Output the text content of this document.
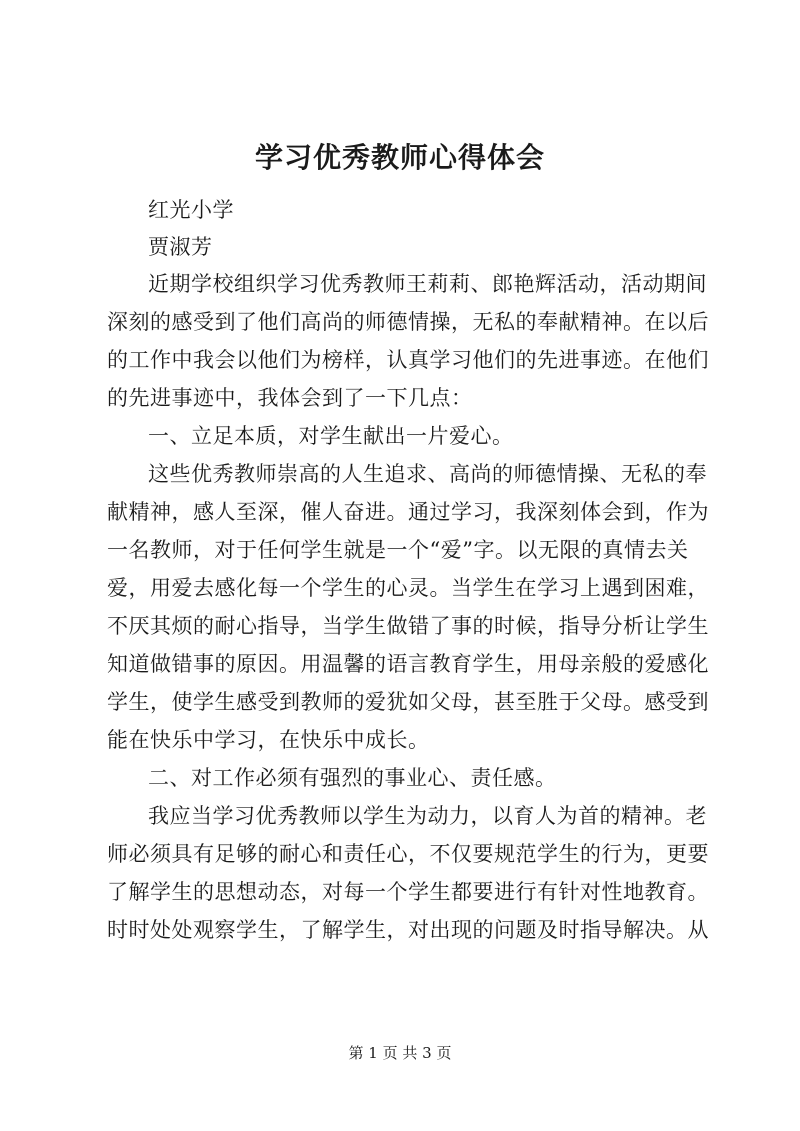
学习优秀教师心得体会
红光小学
贾淑芳
近期学校组织学习优秀教师王莉莉、郎艳辉活动，活动期间
深刻的感受到了他们高尚的师德情操，无私的奉献精神。在以后
的工作中我会以他们为榜样，认真学习他们的先进事迹。在他们
的先进事迹中，我体会到了一下几点：
一、立足本质，对学生献出一片爱心。
这些优秀教师崇高的人生追求、高尚的师德情操、无私的奉
献精神，感人至深，催人奋进。通过学习，我深刻体会到，作为
一名教师，对于任何学生就是一个“爱”字。以无限的真情去关
爱，用爱去感化每一个学生的心灵。当学生在学习上遇到困难，
不厌其烦的耐心指导，当学生做错了事的时候，指导分析让学生
知道做错事的原因。用温馨的语言教育学生，用母亲般的爱感化
学生，使学生感受到教师的爱犹如父母，甚至胜于父母。感受到
能在快乐中学习，在快乐中成长。
二、对工作必须有强烈的事业心、责任感。
我应当学习优秀教师以学生为动力，以育人为首的精神。老
师必须具有足够的耐心和责任心，不仅要规范学生的行为，更要
了解学生的思想动态，对每一个学生都要进行有针对性地教育。
时时处处观察学生，了解学生，对出现的问题及时指导解决。从
第 1 页 共 3 页
